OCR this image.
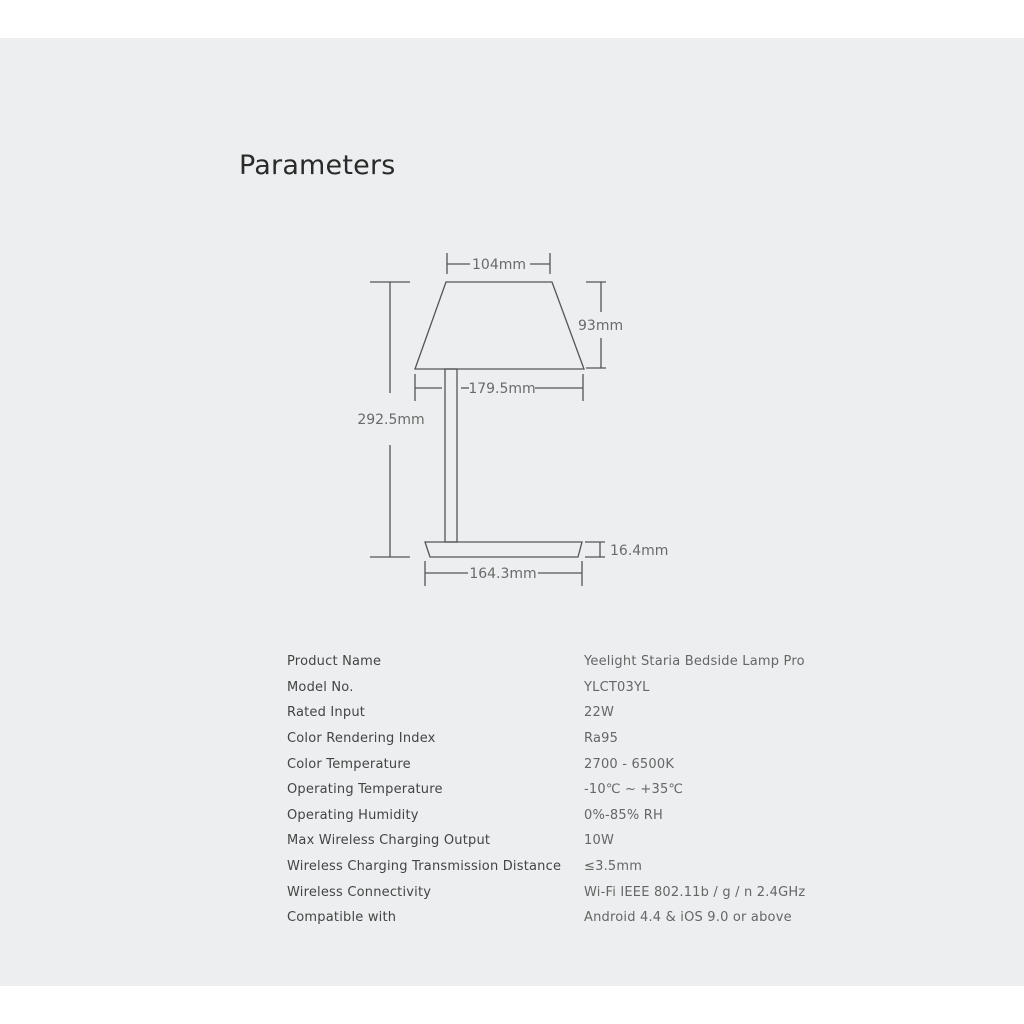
Parameters
104mm
93mm
179.5mm
292.5mm
16.4mm
164.3mm
Product Name	Yeelight Staria Bedside Lamp Pro
Model No.	YLCT03YL
Rated Input	22W
Color Rendering Index	Ra95
Color Temperature	2700 - 6500K
Operating Temperature	-10℃ ~ +35℃
Operating Humidity	0%-85% RH
Max Wireless Charging Output	10W
Wireless Charging Transmission Distance	≤3.5mm
Wireless Connectivity	Wi-Fi IEEE 802.11b / g / n 2.4GHz
Compatible with	Android 4.4 & iOS 9.0 or above
